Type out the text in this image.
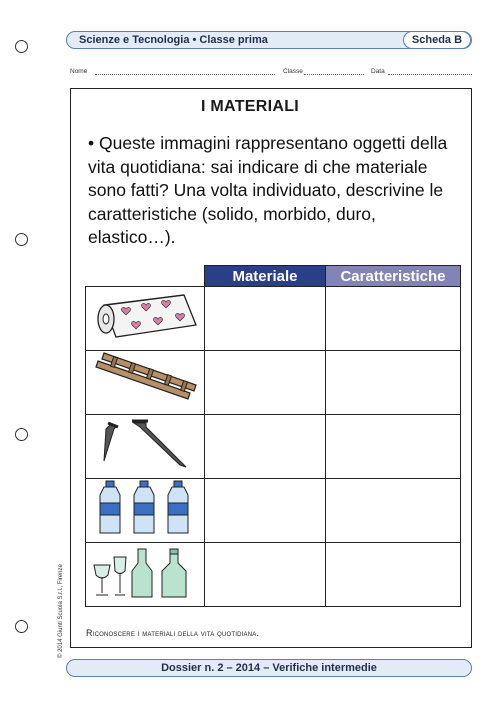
Scienze e Tecnologia • Classe prima	Scheda B
Nome	Classe	Data
I MATERIALI
• Queste immagini rappresentano oggetti della vita quotidiana: sai indicare di che materiale sono fatti? Una volta individuato, descrivine le caratteristiche (solido, morbido, duro, elastico…).
	Materiale	Caratteristiche

Riconoscere i materiali della vita quotidiana.
© 2014 Giunti Scuola S.r.l., Firenze
Dossier n. 2 – 2014 – Verifiche intermedie
